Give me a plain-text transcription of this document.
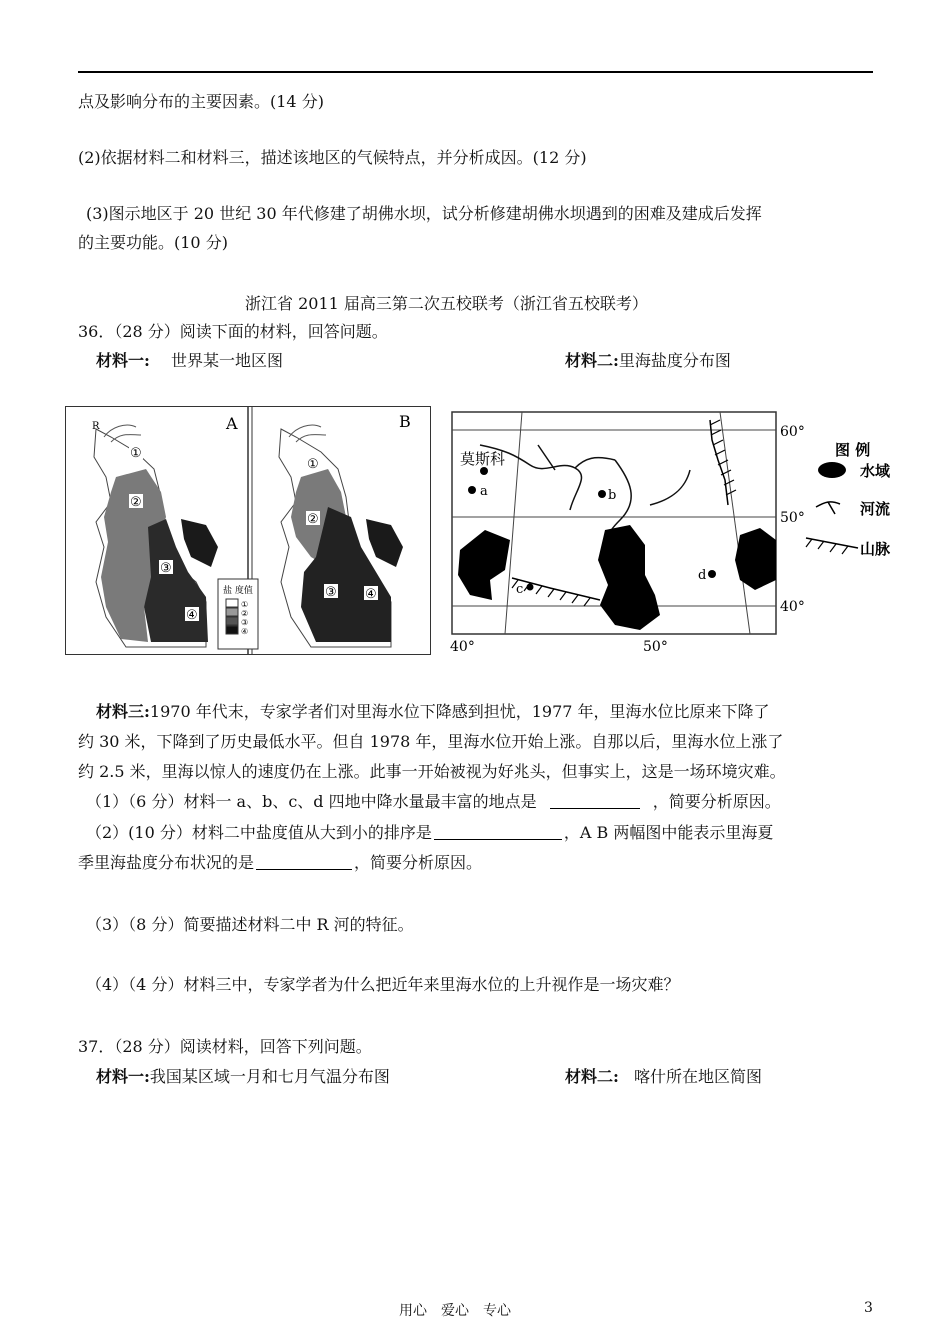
点及影响分布的主要因素。(14 分)
(2)依据材料二和材料三，描述该地区的气候特点，并分析成因。(12 分)
(3)图示地区于 20 世纪 30 年代修建了胡佛水坝，试分析修建胡佛水坝遇到的困难及建成后发挥
的主要功能。(10 分)
浙江省 2011 届高三第二次五校联考（浙江省五校联考）
36．（28 分）阅读下面的材料，回答问题。
材料一: 世界某一地区图	材料二:里海盐度分布图
R	A
①
②
③
④
盐 度值
①
②
③
④
B
①
②
③ ④
莫斯科
a	b
c
d
60°
50°
40°
40°	50°
图 例
水域
河流
山脉
材料三:1970 年代末，专家学者们对里海水位下降感到担忧，1977 年，里海水位比原来下降了
约 30 米，下降到了历史最低水平。但自 1978 年，里海水位开始上涨。自那以后，里海水位上涨了
约 2.5 米，里海以惊人的速度仍在上涨。此事一开始被视为好兆头，但事实上，这是一场环境灾难。
（1）（6 分）材料一 a、b、c、d 四地中降水量最丰富的地点是	，简要分析原因。
（2）(10 分）材料二中盐度值从大到小的排序是	，A B 两幅图中能表示里海夏
季里海盐度分布状况的是	，简要分析原因。
（3）（8 分）简要描述材料二中 R 河的特征。
（4）（4 分）材料三中，专家学者为什么把近年来里海水位的上升视作是一场灾难？
37．（28 分）阅读材料，回答下列问题。
材料一:我国某区域一月和七月气温分布图	材料二: 喀什所在地区简图
用心　爱心　专心	3
